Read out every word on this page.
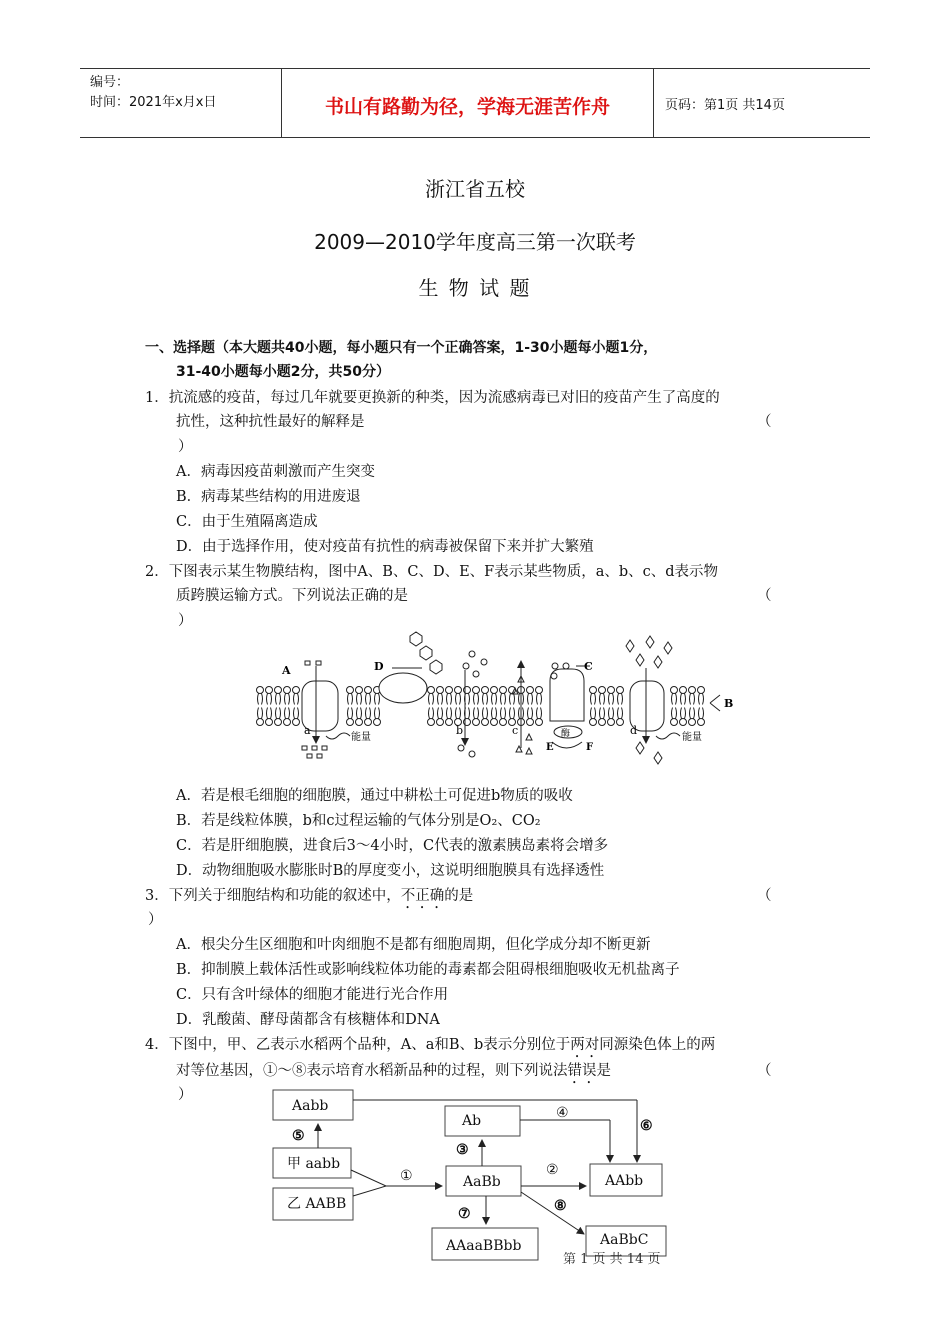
编号：
时间：2021年x月x日	书山有路勤为径，学海无涯苦作舟	页码：第1页 共14页
浙江省五校
2009—2010学年度高三第一次联考
生 物 试 题
一、选择题（本大题共40小题，每小题只有一个正确答案，1-30小题每小题1分，
31-40小题每小题2分，共50分）
1．抗流感的疫苗，每过几年就要更换新的种类，因为流感病毒已对旧的疫苗产生了高度的
抗性，这种抗性最好的解释是	（
）
A．病毒因疫苗刺激而产生突变
B．病毒某些结构的用进废退
C．由于生殖隔离造成
D．由于选择作用，使对疫苗有抗性的病毒被保留下来并扩大繁殖
2．下图表示某生物膜结构，图中A、B、C、D、E、F表示某些物质，a、b、c、d表示物
质跨膜运输方式。下列说法正确的是	（
）
A
B
C
D
E	F
a	b	c	d
能量	能量
酶
A．若是根毛细胞的细胞膜，通过中耕松土可促进b物质的吸收
B．若是线粒体膜，b和c过程运输的气体分别是O₂、CO₂
C．若是肝细胞膜，进食后3～4小时，C代表的激素胰岛素将会增多
D．动物细胞吸水膨胀时B的厚度变小，这说明细胞膜具有选择透性
3．下列关于细胞结构和功能的叙述中，不正确的是	（
）
A．根尖分生区细胞和叶肉细胞不是都有细胞周期，但化学成分却不断更新
B．抑制膜上载体活性或影响线粒体功能的毒素都会阻碍根细胞吸收无机盐离子
C．只有含叶绿体的细胞才能进行光合作用
D．乳酸菌、酵母菌都含有核糖体和DNA
4．下图中，甲、乙表示水稻两个品种，A、a和B、b表示分别位于两对同源染色体上的两
对等位基因，①～⑧表示培育水稻新品种的过程，则下列说法错误是	（
）
Aabb
甲 aabb
乙 AABB
Ab
AaBb	AAbb
AAaaBBbb	AaBbC
①	②
③
④
⑤
⑥
⑦	⑧
第 1 页 共 14 页
